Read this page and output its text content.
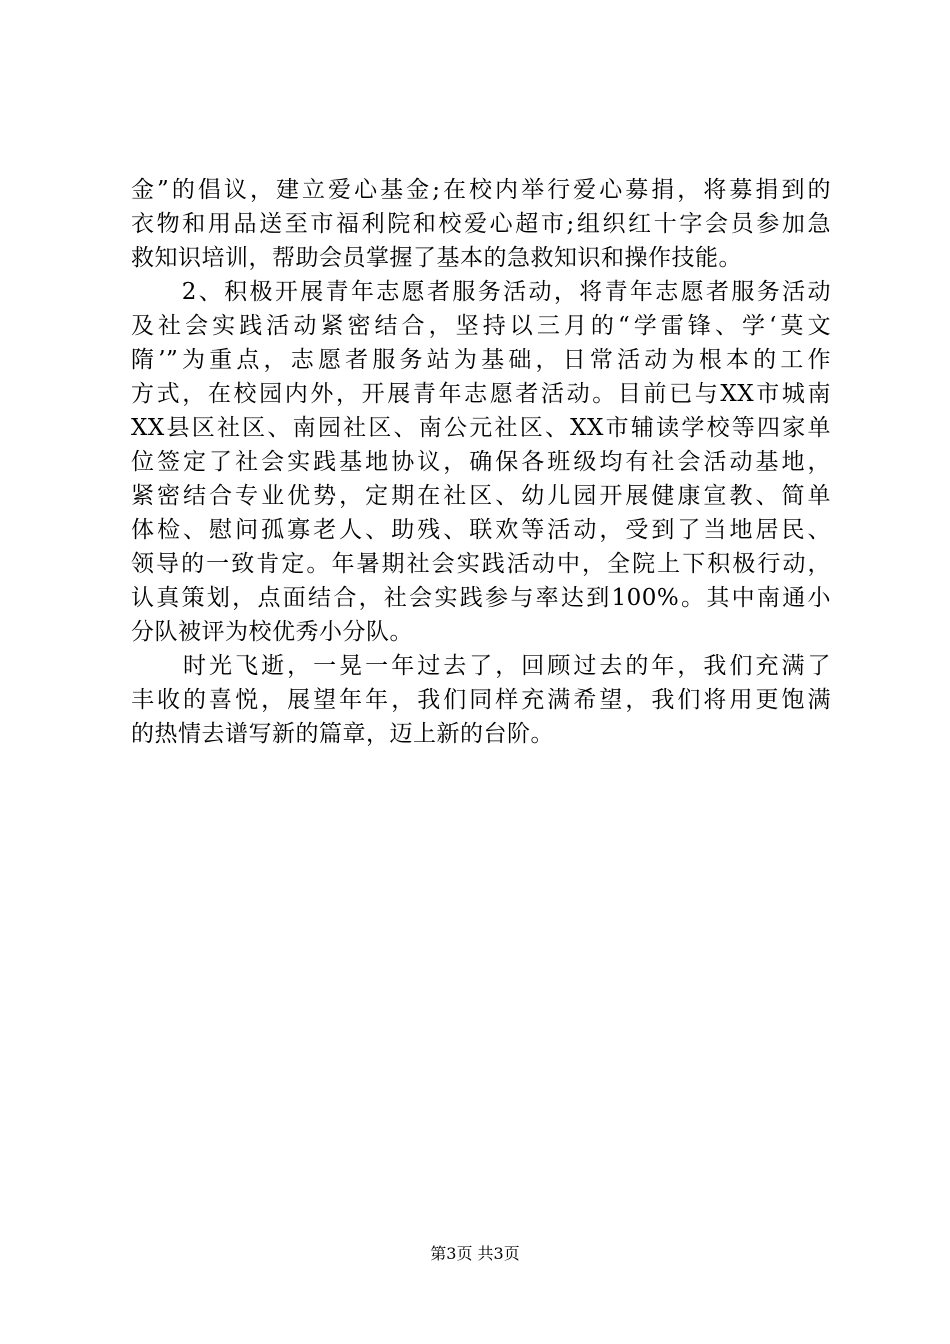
金”的倡议，建立爱心基金;在校内举行爱心募捐，将募捐到的
衣物和用品送至市福利院和校爱心超市;组织红十字会员参加急
救知识培训，帮助会员掌握了基本的急救知识和操作技能。
　　2、积极开展青年志愿者服务活动，将青年志愿者服务活动
及社会实践活动紧密结合，坚持以三月的“学雷锋、学‘莫文
隋’”为重点，志愿者服务站为基础，日常活动为根本的工作
方式，在校园内外，开展青年志愿者活动。目前已与XX市城南
XX县区社区、南园社区、南公元社区、XX市辅读学校等四家单
位签定了社会实践基地协议，确保各班级均有社会活动基地，
紧密结合专业优势，定期在社区、幼儿园开展健康宣教、简单
体检、慰问孤寡老人、助残、联欢等活动，受到了当地居民、
领导的一致肯定。年暑期社会实践活动中，全院上下积极行动，
认真策划，点面结合，社会实践参与率达到100%。其中南通小
分队被评为校优秀小分队。
　　时光飞逝，一晃一年过去了，回顾过去的年，我们充满了
丰收的喜悦，展望年年，我们同样充满希望，我们将用更饱满
的热情去谱写新的篇章，迈上新的台阶。
第3页 共3页
